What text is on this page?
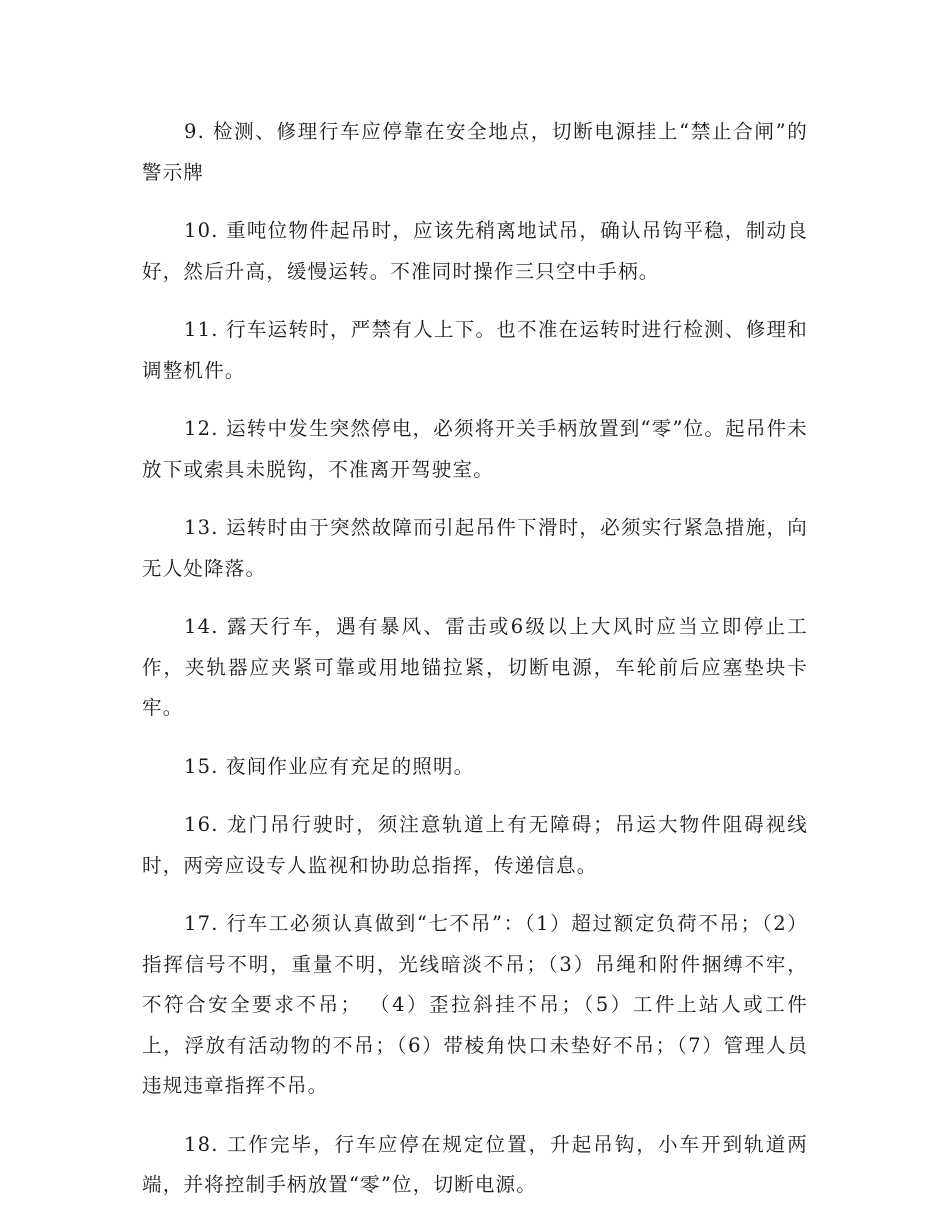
9. 检测、修理行车应停靠在安全地点，切断电源挂上“禁止合闸”的警示牌

10. 重吨位物件起吊时，应该先稍离地试吊，确认吊钩平稳，制动良好，然后升高，缓慢运转。不准同时操作三只空中手柄。

11. 行车运转时，严禁有人上下。也不准在运转时进行检测、修理和调整机件。

12. 运转中发生突然停电，必须将开关手柄放置到“零”位。起吊件未放下或索具未脱钩，不准离开驾驶室。

13. 运转时由于突然故障而引起吊件下滑时，必须实行紧急措施，向无人处降落。

14. 露天行车，遇有暴风、雷击或6级以上大风时应当立即停止工作，夹轨器应夹紧可靠或用地锚拉紧，切断电源，车轮前后应塞垫块卡牢。

15. 夜间作业应有充足的照明。

16. 龙门吊行驶时，须注意轨道上有无障碍；吊运大物件阻碍视线时，两旁应设专人监视和协助总指挥，传递信息。

17. 行车工必须认真做到“七不吊”：（1）超过额定负荷不吊；（2）指挥信号不明，重量不明，光线暗淡不吊；（3）吊绳和附件捆缚不牢，不符合安全要求不吊； （4）歪拉斜挂不吊；（5）工件上站人或工件上，浮放有活动物的不吊；（6）带棱角快口未垫好不吊；（7）管理人员违规违章指挥不吊。

18. 工作完毕，行车应停在规定位置，升起吊钩，小车开到轨道两端，并将控制手柄放置“零”位，切断电源。
